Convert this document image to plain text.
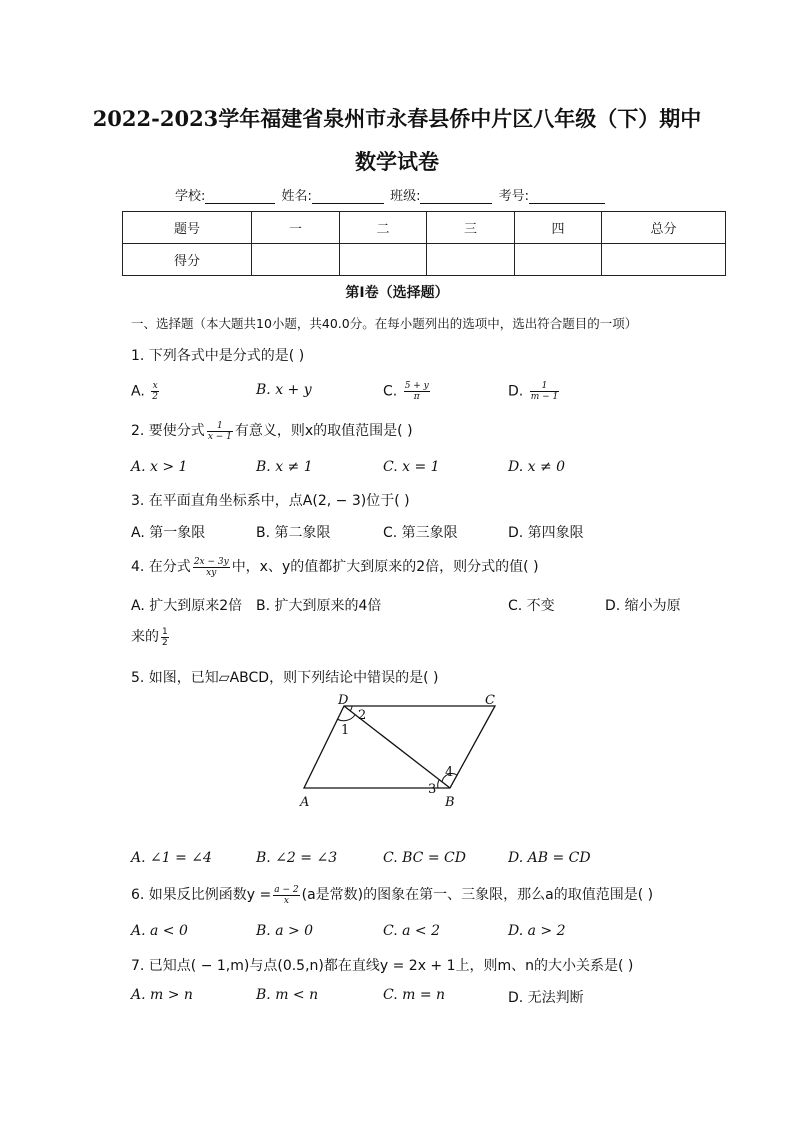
2022-2023学年福建省泉州市永春县侨中片区八年级（下）期中
数学试卷
学校:	姓名:	班级:	考号:
题号	一	二	三	四	总分
得分					
第Ⅰ卷（选择题）
一、选择题（本大题共10小题，共40.0分。在每小题列出的选项中，选出符合题目的一项）
1. 下列各式中是分式的是( )
A. $\frac{x}{2}$	B. x + y	C. $\frac{5 + y}{\pi}$	D. $\frac{1}{m - 1}$
2. 要使分式 $\frac{1}{x - 1}$ 有意义，则x的取值范围是( )
A. x > 1	B. x ≠ 1	C. x = 1	D. x ≠ 0
3. 在平面直角坐标系中，点A(2, − 3)位于( )
A. 第一象限	B. 第二象限	C. 第三象限	D. 第四象限
4. 在分式 $\frac{2x - 3y}{xy}$ 中，x、y的值都扩大到原来的2倍，则分式的值( )
A. 扩大到原来2倍 B. 扩大到原来的4倍	C. 不变	D. 缩小为原
来的 $\frac{1}{2}$
5. 如图，已知▱ABCD，则下列结论中错误的是( )
D	C
A	B
1
2
3
4
A. ∠1 = ∠4	B. ∠2 = ∠3	C. BC = CD	D. AB = CD
6. 如果反比例函数$y = \frac{a - 2}{x} (a$是常数)的图象在第一、三象限，那么a的取值范围是( )
A. a < 0	B. a > 0	C. a < 2	D. a > 2
7. 已知点( − 1,m)与点(0.5,n)都在直线y = 2x + 1上，则m、n的大小关系是( )
A. m > n	B. m < n	C. m = n	D. 无法判断
